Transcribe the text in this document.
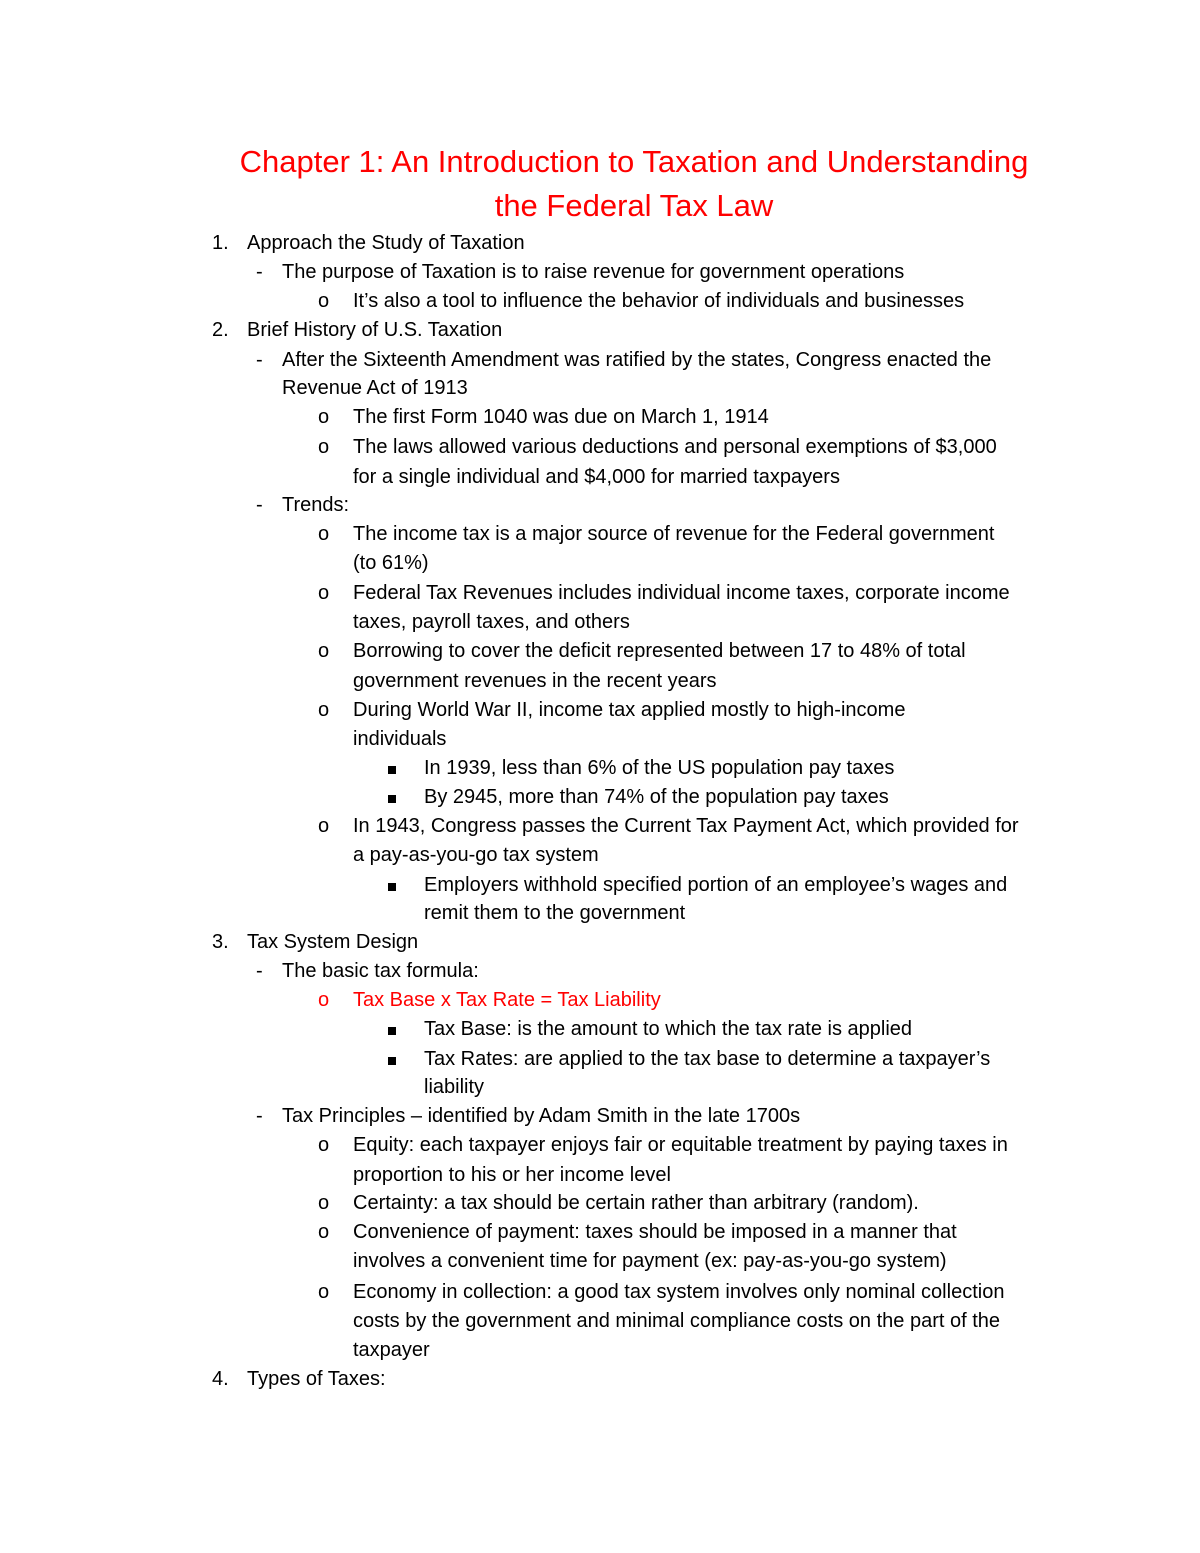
Chapter 1: An Introduction to Taxation and Understanding
the Federal Tax Law
1. Approach the Study of Taxation
- The purpose of Taxation is to raise revenue for government operations
o It’s also a tool to influence the behavior of individuals and businesses
2. Brief History of U.S. Taxation
- After the Sixteenth Amendment was ratified by the states, Congress enacted the
Revenue Act of 1913
o The first Form 1040 was due on March 1, 1914
o The laws allowed various deductions and personal exemptions of $3,000
for a single individual and $4,000 for married taxpayers
- Trends:
o The income tax is a major source of revenue for the Federal government
(to 61%)
o Federal Tax Revenues includes individual income taxes, corporate income
taxes, payroll taxes, and others
o Borrowing to cover the deficit represented between 17 to 48% of total
government revenues in the recent years
o During World War II, income tax applied mostly to high-income
individuals
In 1939, less than 6% of the US population pay taxes
By 2945, more than 74% of the population pay taxes
o In 1943, Congress passes the Current Tax Payment Act, which provided for
a pay-as-you-go tax system
Employers withhold specified portion of an employee’s wages and
remit them to the government
3. Tax System Design
- The basic tax formula:
o Tax Base x Tax Rate = Tax Liability
Tax Base: is the amount to which the tax rate is applied
Tax Rates: are applied to the tax base to determine a taxpayer’s
liability
- Tax Principles – identified by Adam Smith in the late 1700s
o Equity: each taxpayer enjoys fair or equitable treatment by paying taxes in
proportion to his or her income level
o Certainty: a tax should be certain rather than arbitrary (random).
o Convenience of payment: taxes should be imposed in a manner that
involves a convenient time for payment (ex: pay-as-you-go system)
o Economy in collection: a good tax system involves only nominal collection
costs by the government and minimal compliance costs on the part of the
taxpayer
4. Types of Taxes:
